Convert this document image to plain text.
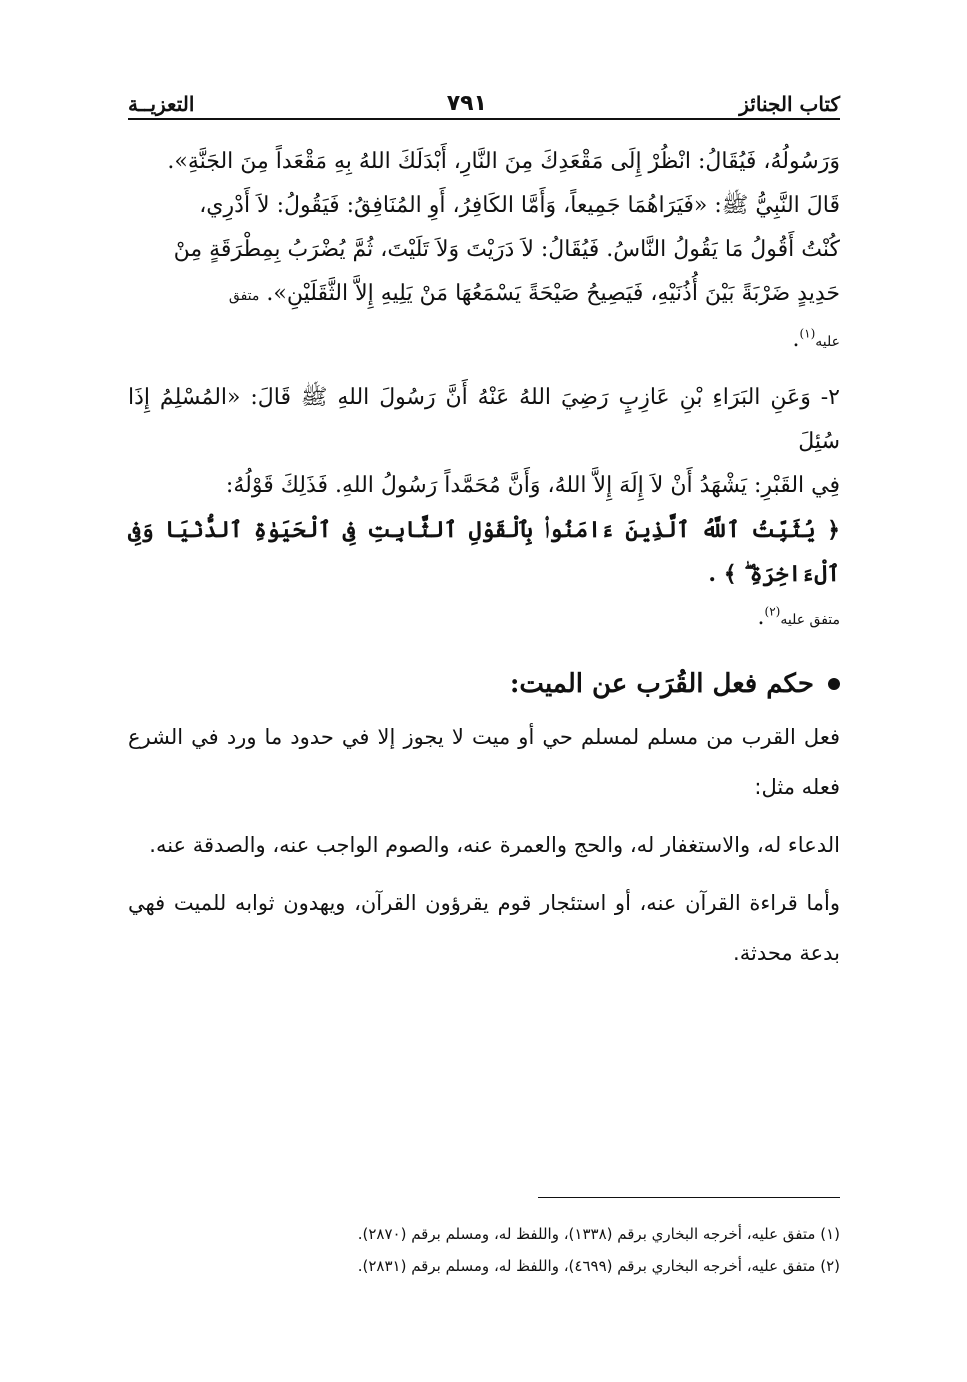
كتاب الجنائز
٧٩١
التعزيــة

وَرَسُولُهُ، فَيُقَالُ: انْظُرْ إِلَى مَقْعَدِكَ مِنَ النَّارِ، أَبْدَلَكَ اللهُ بِهِ مَقْعَداً مِنَ الجَنَّةِ».

قَالَ النَّبِيُّ ﷺ: «فَيَرَاهُمَا جَمِيعاً، وَأَمَّا الكَافِرُ، أَوِ المُنَافِقُ: فَيَقُولُ: لاَ أَدْرِي،

كُنْتُ أَقُولُ مَا يَقُولُ النَّاسُ. فَيُقَالُ: لاَ دَرَيْتَ وَلاَ تَلَيْتَ، ثُمَّ يُضْرَبُ بِمِطْرَقَةٍ مِنْ

حَدِيدٍ ضَرْبَةً بَيْنَ أُذُنَيْهِ، فَيَصِيحُ صَيْحَةً يَسْمَعُهَا مَنْ يَلِيهِ إِلاَّ الثَّقَلَيْنِ». متفق

عليه$^{(١)}$.

٢- وَعَنِ البَرَاءِ بْنِ عَازِبٍ رَضِيَ اللهُ عَنْهُ أَنَّ رَسُولَ اللهِ ﷺ قَالَ: «المُسْلِمُ إِذَا سُئِلَ

فِي القَبْرِ: يَشْهَدُ أَنْ لاَ إِلَهَ إِلاَّ اللهُ، وَأَنَّ مُحَمَّداً رَسُولُ اللهِ. فَذَلِكَ قَوْلُهُ:

﴿ يُثَبِّتُ ٱللَّهُ ٱلَّذِينَ ءَامَنُوا۟ بِٱلْقَوْلِ ٱلثَّابِتِ فِى ٱلْحَيَوٰةِ ٱلدُّنْيَا وَفِى ٱلْءَاخِرَةِ ۖ ﴾ .

متفق عليه$^{(٢)}$.

حكم فعل القُرَب عن الميت:

فعل القرب من مسلم لمسلم حي أو ميت لا يجوز إلا في حدود ما ورد في الشرع فعله مثل:

الدعاء له، والاستغفار له، والحج والعمرة عنه، والصوم الواجب عنه، والصدقة عنه.

وأما قراءة القرآن عنه، أو استئجار قوم يقرؤون القرآن، ويهدون ثوابه للميت فهي بدعة محدثة.

(١) متفق عليه، أخرجه البخاري برقم (١٣٣٨)، واللفظ له، ومسلم برقم (٢٨٧٠).

(٢) متفق عليه، أخرجه البخاري برقم (٤٦٩٩)، واللفظ له، ومسلم برقم (٢٨٣١).
